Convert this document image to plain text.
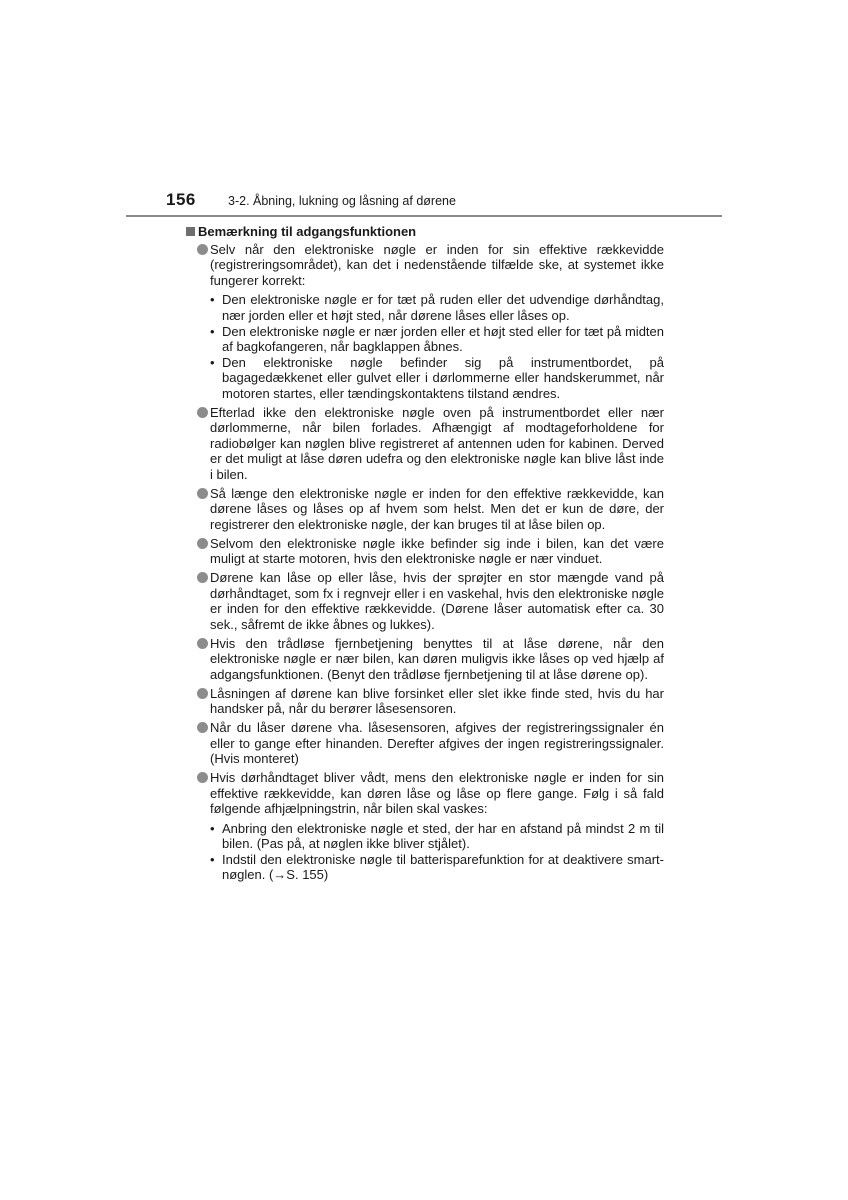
156	3-2. Åbning, lukning og låsning af dørene
Bemærkning til adgangsfunktionen
Selv når den elektroniske nøgle er inden for sin effektive rækkevidde (registreringsområdet), kan det i nedenstående tilfælde ske, at systemet ikke fungerer korrekt:
• Den elektroniske nøgle er for tæt på ruden eller det udvendige dørhåndtag, nær jorden eller et højt sted, når dørene låses eller låses op.
• Den elektroniske nøgle er nær jorden eller et højt sted eller for tæt på midten af bagkofangeren, når bagklappen åbnes.
• Den elektroniske nøgle befinder sig på instrumentbordet, på bagagedækkenet eller gulvet eller i dørlommerne eller handskerummet, når motoren startes, eller tændingskontaktens tilstand ændres.
Efterlad ikke den elektroniske nøgle oven på instrumentbordet eller nær dørlommerne, når bilen forlades. Afhængigt af modtageforholdene for radiobølger kan nøglen blive registreret af antennen uden for kabinen. Derved er det muligt at låse døren udefra og den elektroniske nøgle kan blive låst inde i bilen.
Så længe den elektroniske nøgle er inden for den effektive rækkevidde, kan dørene låses og låses op af hvem som helst. Men det er kun de døre, der registrerer den elektroniske nøgle, der kan bruges til at låse bilen op.
Selvom den elektroniske nøgle ikke befinder sig inde i bilen, kan det være muligt at starte motoren, hvis den elektroniske nøgle er nær vinduet.
Dørene kan låse op eller låse, hvis der sprøjter en stor mængde vand på dørhåndtaget, som fx i regnvejr eller i en vaskehal, hvis den elektroniske nøgle er inden for den effektive rækkevidde. (Dørene låser automatisk efter ca. 30 sek., såfremt de ikke åbnes og lukkes).
Hvis den trådløse fjernbetjening benyttes til at låse dørene, når den elektroniske nøgle er nær bilen, kan døren muligvis ikke låses op ved hjælp af adgangsfunktionen. (Benyt den trådløse fjernbetjening til at låse dørene op).
Låsningen af dørene kan blive forsinket eller slet ikke finde sted, hvis du har handsker på, når du berører låsesensoren.
Når du låser dørene vha. låsesensoren, afgives der registreringssignaler én eller to gange efter hinanden. Derefter afgives der ingen registreringssignaler. (Hvis monteret)
Hvis dørhåndtaget bliver vådt, mens den elektroniske nøgle er inden for sin effektive rækkevidde, kan døren låse og låse op flere gange. Følg i så fald følgende afhjælpningstrin, når bilen skal vaskes:
• Anbring den elektroniske nøgle et sted, der har en afstand på mindst 2 m til bilen. (Pas på, at nøglen ikke bliver stjålet).
• Indstil den elektroniske nøgle til batterisparefunktion for at deaktivere smart-nøglen. (→S. 155)
